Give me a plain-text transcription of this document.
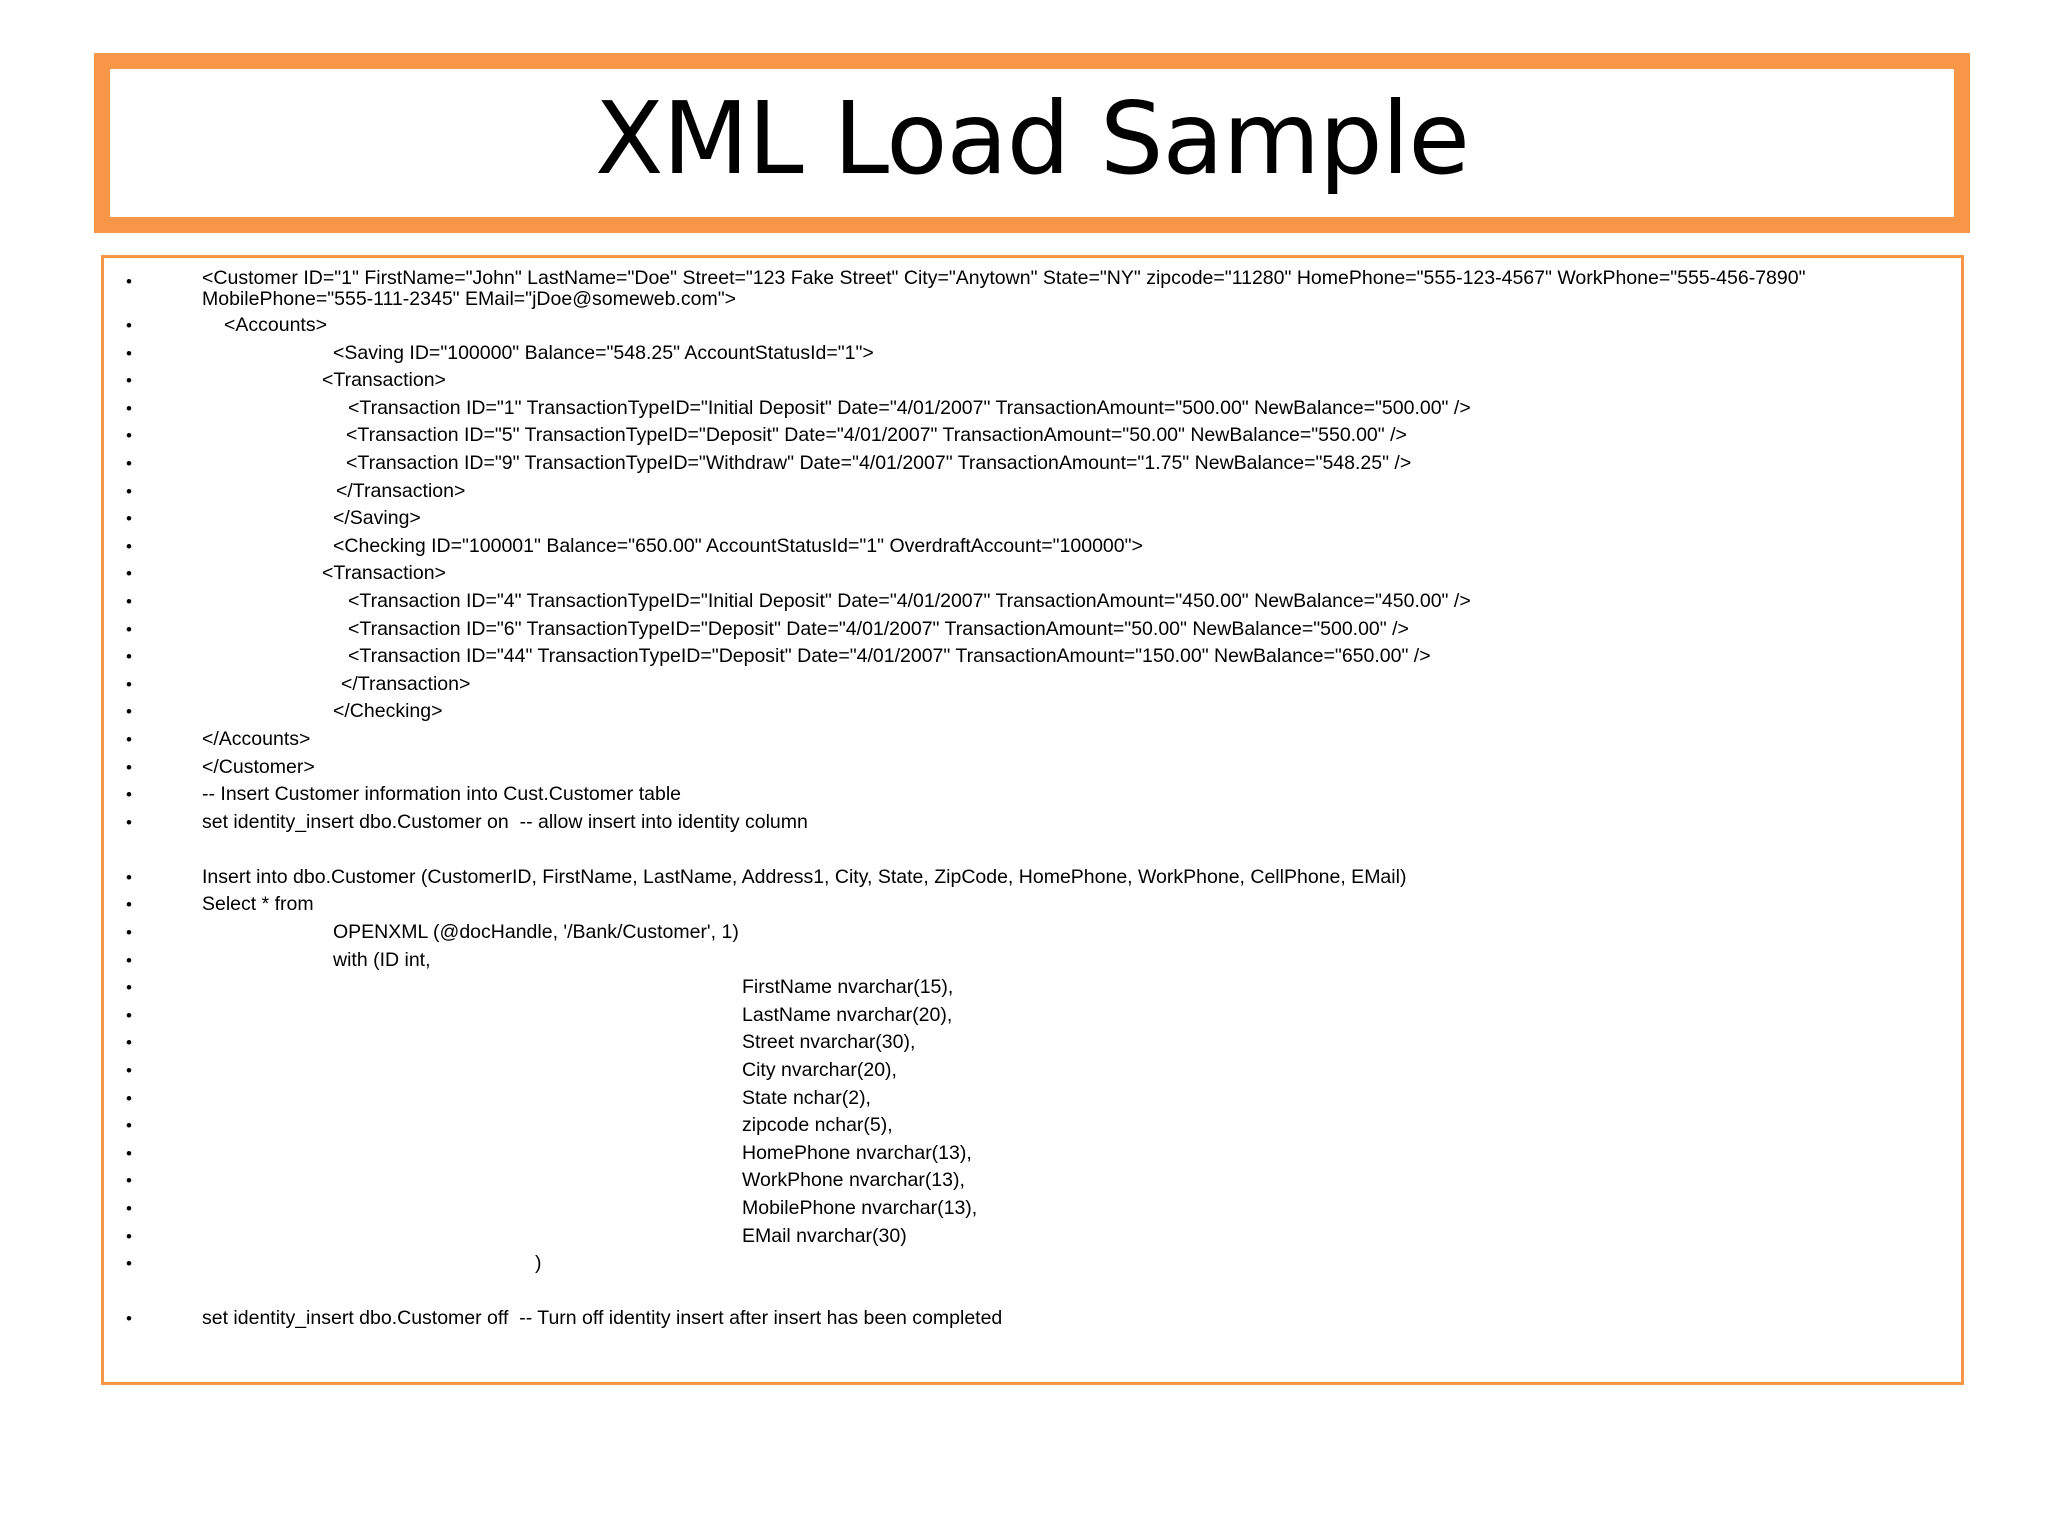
XML Load Sample
•	<Customer ID="1" FirstName="John" LastName="Doe" Street="123 Fake Street" City="Anytown" State="NY" zipcode="11280" HomePhone="555-123-4567" WorkPhone="555-456-7890" MobilePhone="555-111-2345" EMail="jDoe@someweb.com">
•	<Accounts>
•	<Saving ID="100000" Balance="548.25" AccountStatusId="1">
•	<Transaction>
•	<Transaction ID="1" TransactionTypeID="Initial Deposit" Date="4/01/2007" TransactionAmount="500.00" NewBalance="500.00" />
•	<Transaction ID="5" TransactionTypeID="Deposit" Date="4/01/2007" TransactionAmount="50.00" NewBalance="550.00" />
•	<Transaction ID="9" TransactionTypeID="Withdraw" Date="4/01/2007" TransactionAmount="1.75" NewBalance="548.25" />
•	</Transaction>
•	</Saving>
•	<Checking ID="100001" Balance="650.00" AccountStatusId="1" OverdraftAccount="100000">
•	<Transaction>
•	<Transaction ID="4" TransactionTypeID="Initial Deposit" Date="4/01/2007" TransactionAmount="450.00" NewBalance="450.00" />
•	<Transaction ID="6" TransactionTypeID="Deposit" Date="4/01/2007" TransactionAmount="50.00" NewBalance="500.00" />
•	<Transaction ID="44" TransactionTypeID="Deposit" Date="4/01/2007" TransactionAmount="150.00" NewBalance="650.00" />
•	</Transaction>
•	</Checking>
•	</Accounts>
•	</Customer>
•	-- Insert Customer information into Cust.Customer table
•	set identity_insert dbo.Customer on  -- allow insert into identity column
•	Insert into dbo.Customer (CustomerID, FirstName, LastName, Address1, City, State, ZipCode, HomePhone, WorkPhone, CellPhone, EMail)
•	Select * from
•	OPENXML (@docHandle, '/Bank/Customer', 1)
•	with (ID int,
•	FirstName nvarchar(15),
•	LastName nvarchar(20),
•	Street nvarchar(30),
•	City nvarchar(20),
•	State nchar(2),
•	zipcode nchar(5),
•	HomePhone nvarchar(13),
•	WorkPhone nvarchar(13),
•	MobilePhone nvarchar(13),
•	EMail nvarchar(30)
•	)
•	set identity_insert dbo.Customer off  -- Turn off identity insert after insert has been completed
